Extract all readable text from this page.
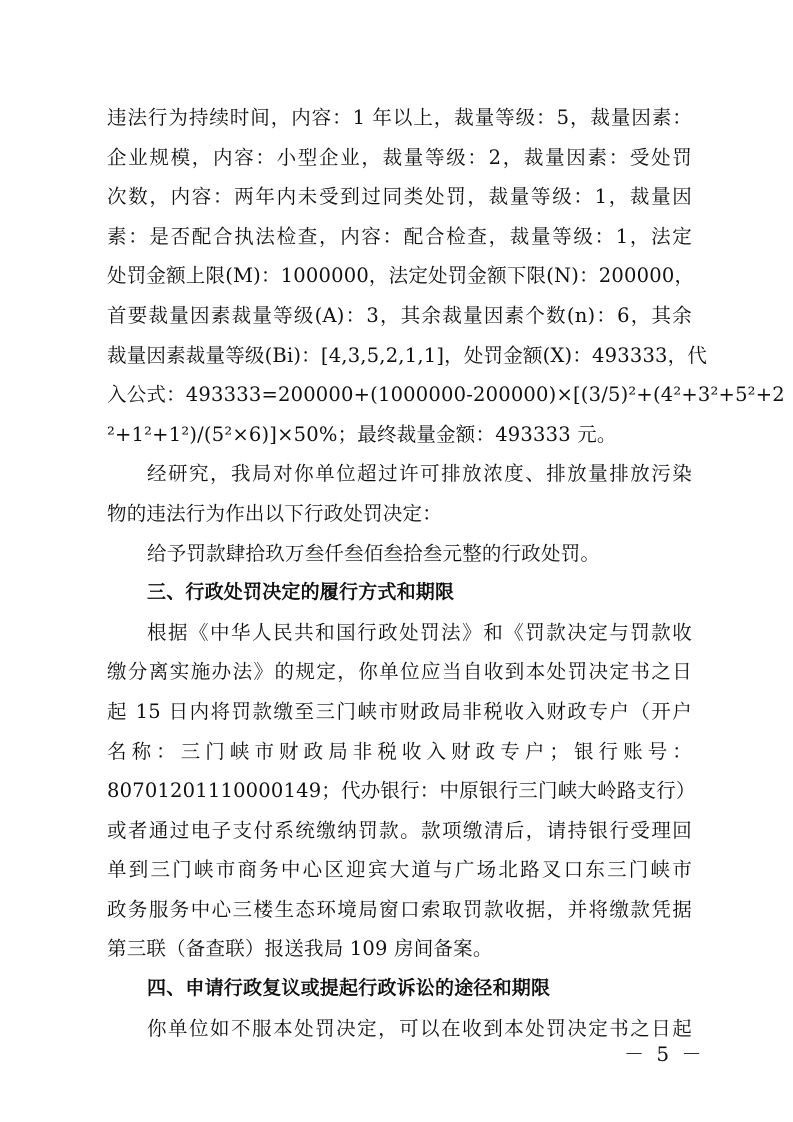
违法行为持续时间，内容：1 年以上，裁量等级：5，裁量因素：
企业规模，内容：小型企业，裁量等级：2，裁量因素：受处罚
次数，内容：两年内未受到过同类处罚，裁量等级：1，裁量因
素：是否配合执法检查，内容：配合检查，裁量等级：1，法定
处罚金额上限(M)：1000000，法定处罚金额下限(N)：200000，
首要裁量因素裁量等级(A)：3，其余裁量因素个数(n)：6，其余
裁量因素裁量等级(Bi)：[4,3,5,2,1,1]，处罚金额(X)：493333，代
入公式：493333=200000+(1000000-200000)×[(3/5)²+(4²+3²+5²+2
²+1²+1²)/(5²×6)]×50%；最终裁量金额：493333 元。
经研究，我局对你单位超过许可排放浓度、排放量排放污染
物的违法行为作出以下行政处罚决定：
给予罚款肆拾玖万叁仟叁佰叁拾叁元整的行政处罚。
三、行政处罚决定的履行方式和期限
根据《中华人民共和国行政处罚法》和《罚款决定与罚款收
缴分离实施办法》的规定，你单位应当自收到本处罚决定书之日
起 15 日内将罚款缴至三门峡市财政局非税收入财政专户（开户
名称：三门峡市财政局非税收入财政专户；银行账号：
80701201110000149；代办银行：中原银行三门峡大岭路支行）
或者通过电子支付系统缴纳罚款。款项缴清后，请持银行受理回
单到三门峡市商务中心区迎宾大道与广场北路叉口东三门峡市
政务服务中心三楼生态环境局窗口索取罚款收据，并将缴款凭据
第三联（备查联）报送我局 109 房间备案。
四、申请行政复议或提起行政诉讼的途径和期限
你单位如不服本处罚决定，可以在收到本处罚决定书之日起
－ 5 －
